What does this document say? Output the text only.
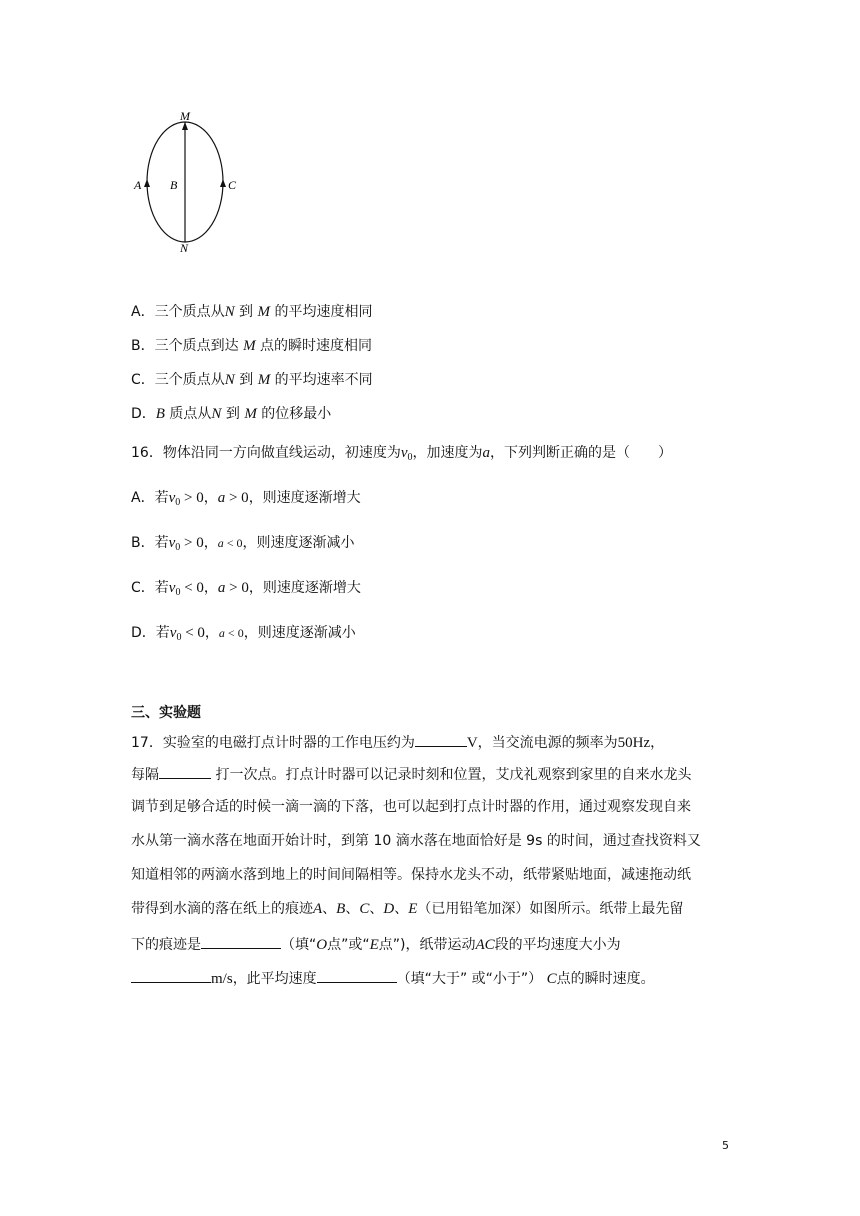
M
N
A B	C
A．三个质点从N 到 M 的平均速度相同
B．三个质点到达 M 点的瞬时速度相同
C．三个质点从N 到 M 的平均速率不同
D．B 质点从N 到 M 的位移最小
16．物体沿同一方向做直线运动，初速度为$v_0$，加速度为a，下列判断正确的是（　　）
A．若$v_0 > 0$，a > 0，则速度逐渐增大
B．若$v_0 > 0$，a < 0，则速度逐渐减小
C．若$v_0 < 0$，a > 0，则速度逐渐增大
D．若$v_0 < 0$，a < 0，则速度逐渐减小
三、实验题
17．实验室的电磁打点计时器的工作电压约为	V，当交流电源的频率为50Hz，
每隔	打一次点。打点计时器可以记录时刻和位置，艾戊礼观察到家里的自来水龙头
调节到足够合适的时候一滴一滴的下落，也可以起到打点计时器的作用，通过观察发现自来
水从第一滴水落在地面开始计时，到第 10 滴水落在地面恰好是 9s 的时间，通过查找资料又
知道相邻的两滴水落到地上的时间间隔相等。保持水龙头不动，纸带紧贴地面，减速拖动纸
带得到水滴的落在纸上的痕迹A、B、C、D、E（已用铅笔加深）如图所示。纸带上最先留
下的痕迹是	（填“O点”或“E点”)，纸带运动AC段的平均速度大小为
m/s，此平均速度	（填“大于” 或“小于”） C点的瞬时速度。
5
